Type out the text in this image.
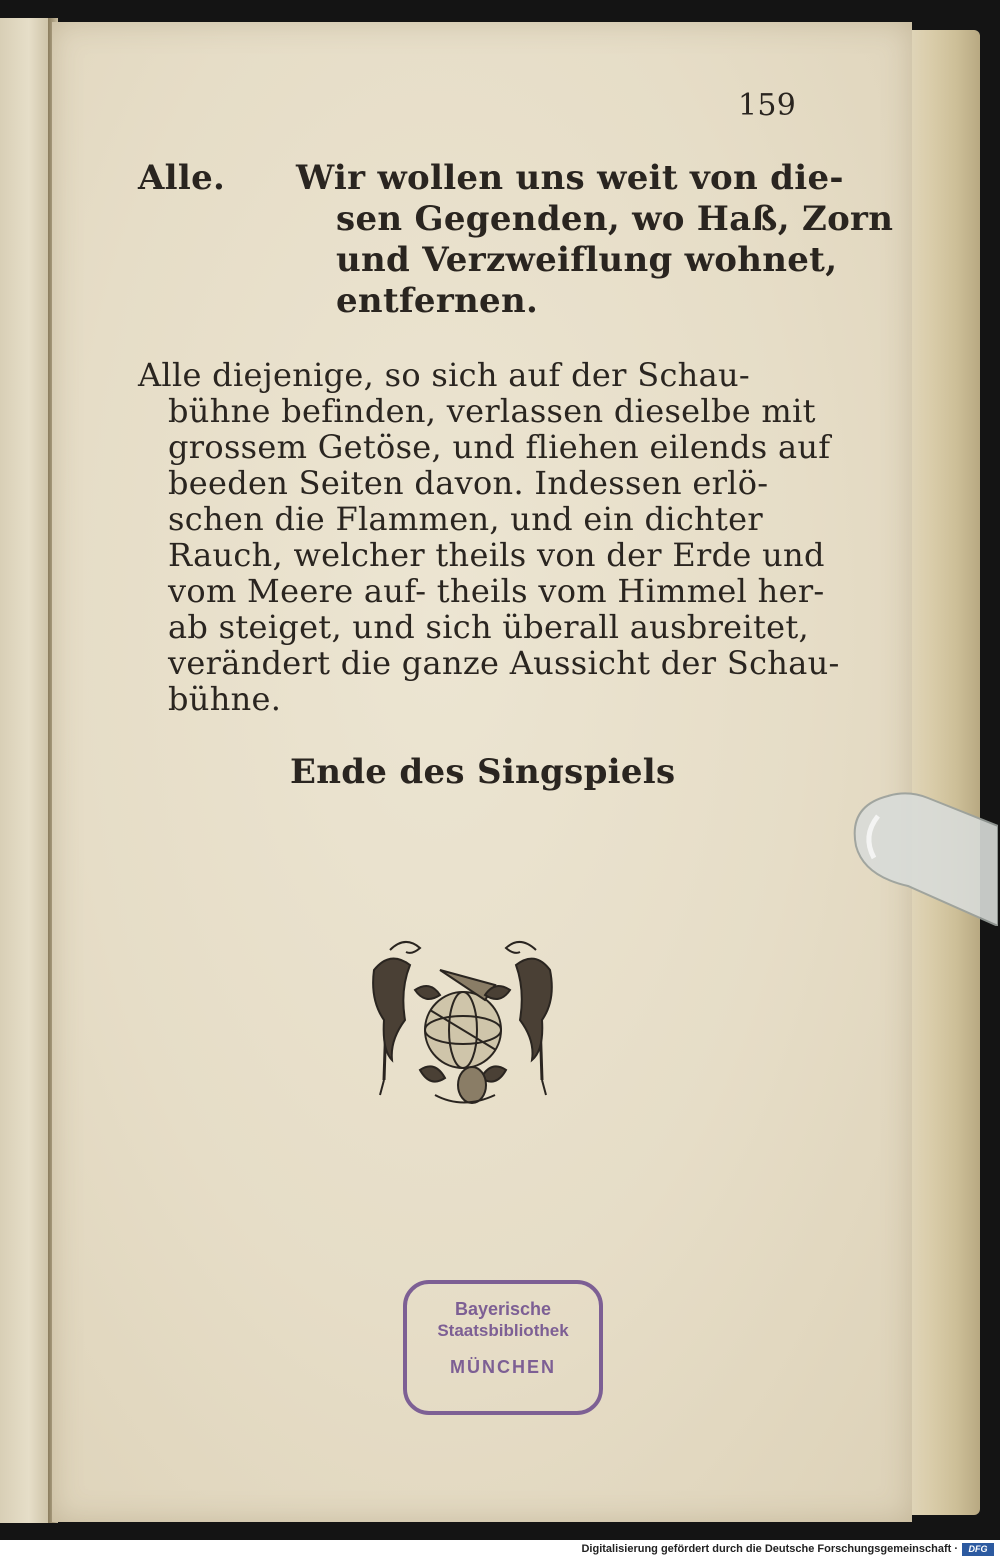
159
Alle. Wir wollen uns weit von die-
sen Gegenden, wo Haß, Zorn
und Verzweiflung wohnet,
entfernen.
Alle diejenige, so sich auf der Schau-
bühne befinden, verlassen dieselbe mit
grossem Getöse, und fliehen eilends auf
beeden Seiten davon. Indessen erlö-
schen die Flammen, und ein dichter
Rauch, welcher theils von der Erde und
vom Meere auf- theils vom Himmel her-
ab steiget, und sich überall ausbreitet,
verändert die ganze Aussicht der Schau-
bühne.
Ende des Singspiels
Bayerische
Staatsbibliothek
MÜNCHEN
Digitalisierung gefördert durch die Deutsche Forschungsgemeinschaft ·	DFG
